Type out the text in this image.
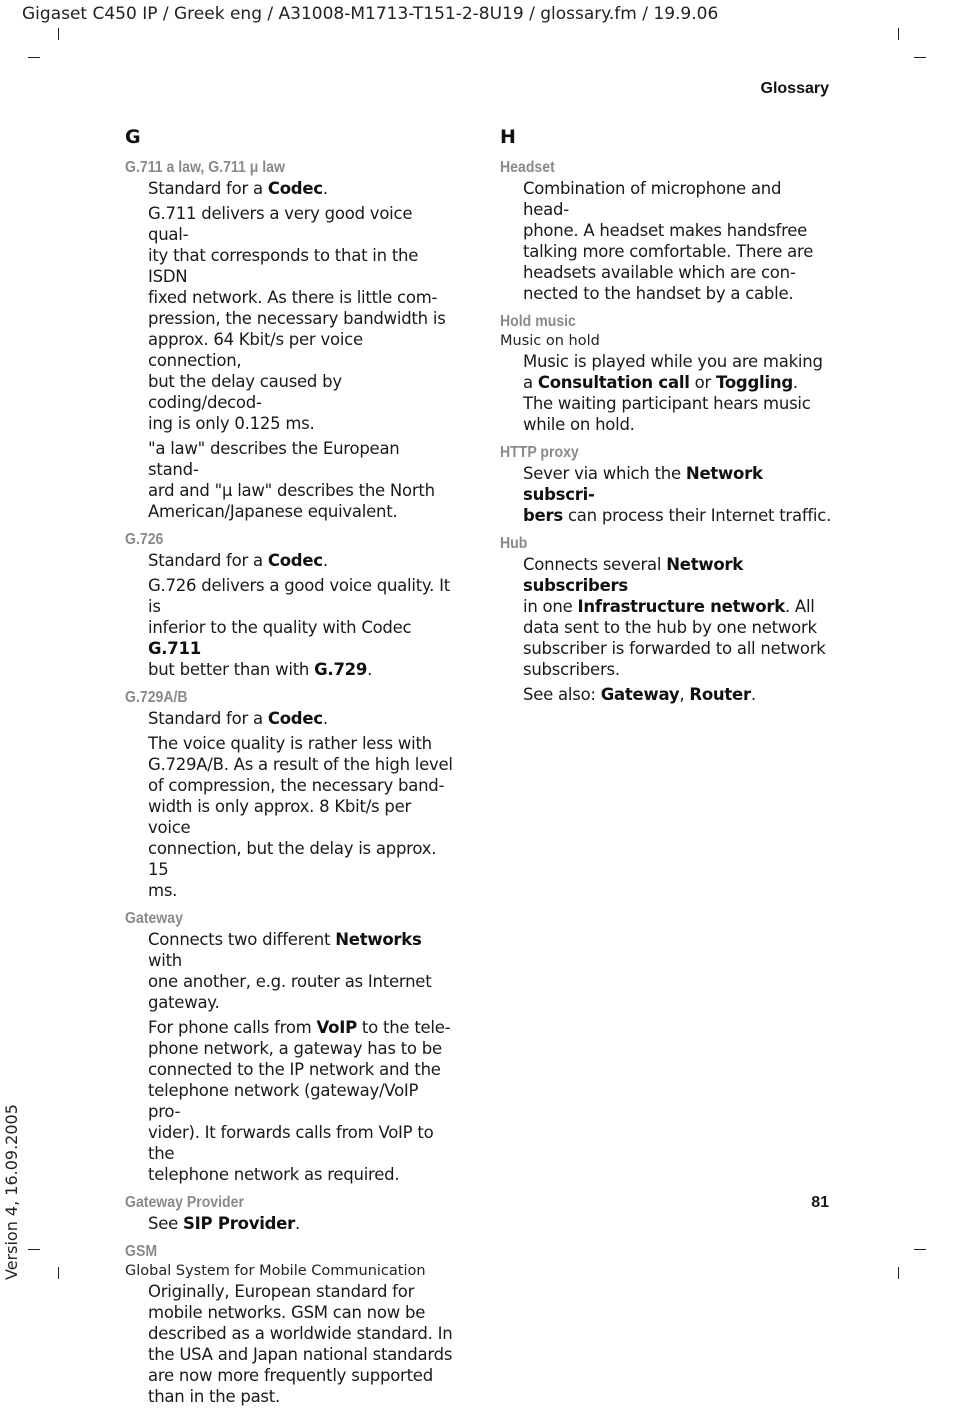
Gigaset C450 IP / Greek eng / A31008-M1713-T151-2-8U19 / glossary.fm / 19.9.06
Glossary
G
G.711 a law, G.711 μ law

Standard for a Codec.

G.711 delivers a very good voice qual-
ity that corresponds to that in the ISDN
fixed network. As there is little com-
pression, the necessary bandwidth is
approx. 64 Kbit/s per voice connection,
but the delay caused by coding/decod-
ing is only 0.125 ms.

"a law" describes the European stand-
ard and "μ law" describes the North
American/Japanese equivalent.

G.726

Standard for a Codec.

G.726 delivers a good voice quality. It is
inferior to the quality with Codec G.711
but better than with G.729.

G.729A/B

Standard for a Codec.

The voice quality is rather less with
G.729A/B. As a result of the high level
of compression, the necessary band-
width is only approx. 8 Kbit/s per voice
connection, but the delay is approx. 15
ms.

Gateway

Connects two different Networks with
one another, e.g. router as Internet
gateway.

For phone calls from VoIP to the tele-
phone network, a gateway has to be
connected to the IP network and the
telephone network (gateway/VoIP pro-
vider). It forwards calls from VoIP to the
telephone network as required.

Gateway Provider

See SIP Provider.

GSM
Global System for Mobile Communication

Originally, European standard for
mobile networks. GSM can now be
described as a worldwide standard. In
the USA and Japan national standards
are now more frequently supported
than in the past.

H
Headset

Combination of microphone and head-
phone. A headset makes handsfree
talking more comfortable. There are
headsets available which are con-
nected to the handset by a cable.

Hold music
Music on hold

Music is played while you are making
a Consultation call or Toggling.
The waiting participant hears music
while on hold.

HTTP proxy

Sever via which the Network subscri-
bers can process their Internet traffic.

Hub

Connects several Network subscribers
in one Infrastructure network. All
data sent to the hub by one network
subscriber is forwarded to all network
subscribers.

See also: Gateway, Router.

81
Version 4, 16.09.2005
